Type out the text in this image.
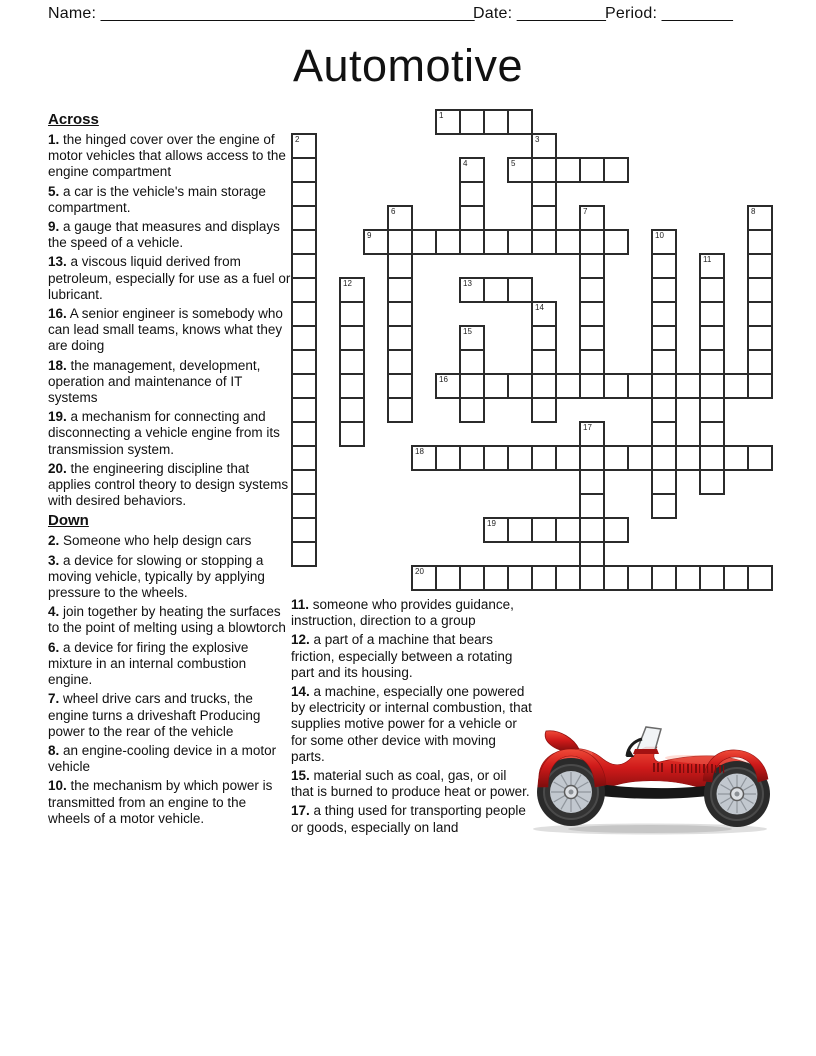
Name: __________________________________________
Date: __________ Period: ________
Automotive

Across

1. the hinged cover over the engine of motor vehicles that allows access to the engine compartment

5. a car is the vehicle's main storage compartment.

9. a gauge that measures and displays the speed of a vehicle.

13. a viscous liquid derived from petroleum, especially for use as a fuel or lubricant.

16. A senior engineer is somebody who can lead small teams, knows what they are doing

18. the management, development, operation and maintenance of IT systems

19. a mechanism for connecting and disconnecting a vehicle engine from its transmission system.

20. the engineering discipline that applies control theory to design systems with desired behaviors.

Down

2. Someone who help design cars

3. a device for slowing or stopping a moving vehicle, typically by applying pressure to the wheels.

4. join together by heating the surfaces to the point of melting using a blowtorch

6. a device for firing the explosive mixture in an internal combustion engine.

7. wheel drive cars and trucks, the engine turns a driveshaft Producing power to the rear of the vehicle

8. an engine-cooling device in a motor vehicle

10. the mechanism by which power is transmitted from an engine to the wheels of a motor vehicle.

11. someone who provides guidance, instruction, direction to a group

12. a part of a machine that bears friction, especially between a rotating part and its housing.

14. a machine, especially one powered by electricity or internal combustion, that supplies motive power for a vehicle or for some other device with moving parts.

15. material such as coal, gas, or oil that is burned to produce heat or power.

17. a thing used for transporting people or goods, especially on land

1
2	3
4	5
6	7	8
9	10
11
12	13
14
15
16
17
18
19
20
